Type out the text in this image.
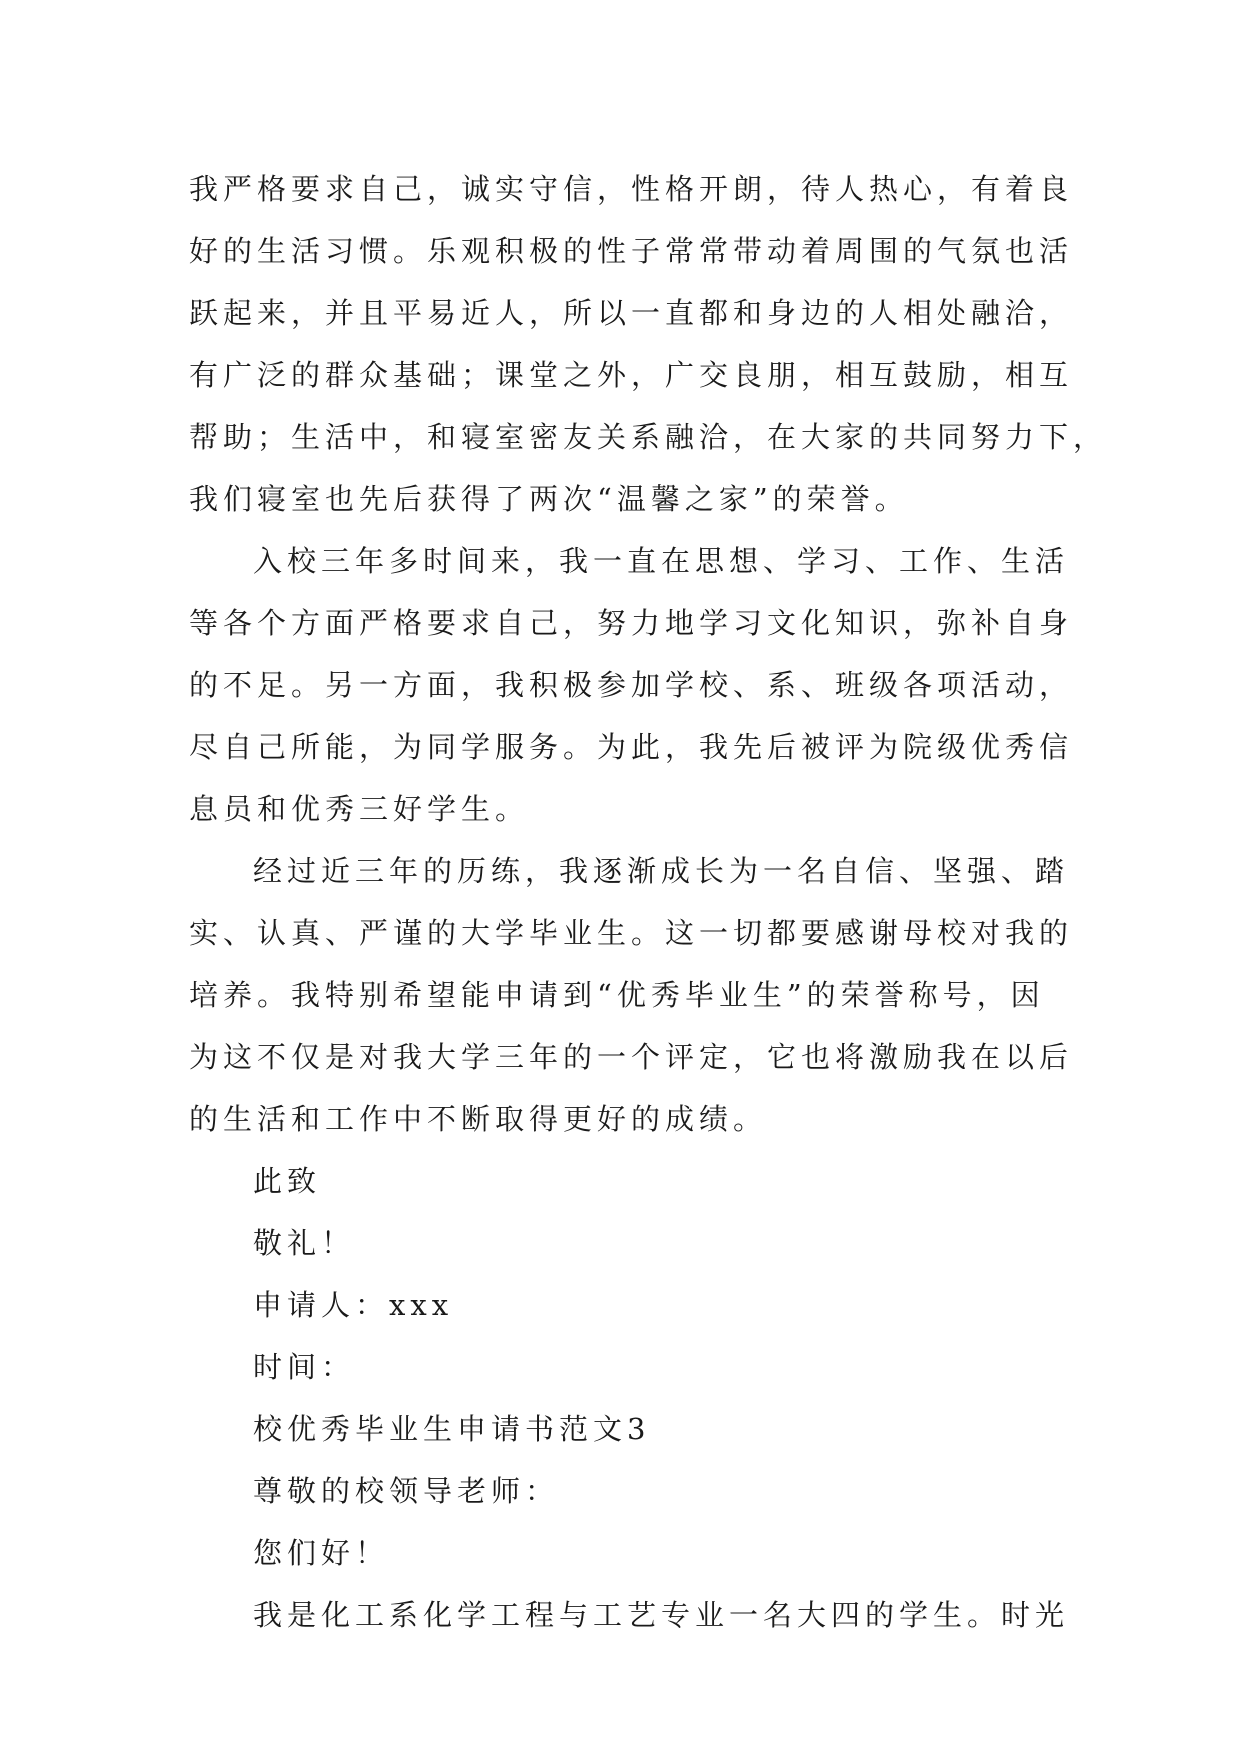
我严格要求自己，诚实守信，性格开朗，待人热心，有着良
好的生活习惯。乐观积极的性子常常带动着周围的气氛也活
跃起来，并且平易近人，所以一直都和身边的人相处融洽，
有广泛的群众基础；课堂之外，广交良朋，相互鼓励，相互
帮助；生活中，和寝室密友关系融洽，在大家的共同努力下，
我们寝室也先后获得了两次“温馨之家”的荣誉。
入校三年多时间来，我一直在思想、学习、工作、生活
等各个方面严格要求自己，努力地学习文化知识，弥补自身
的不足。另一方面，我积极参加学校、系、班级各项活动，
尽自己所能，为同学服务。为此，我先后被评为院级优秀信
息员和优秀三好学生。
经过近三年的历练，我逐渐成长为一名自信、坚强、踏
实、认真、严谨的大学毕业生。这一切都要感谢母校对我的
培养。我特别希望能申请到“优秀毕业生”的荣誉称号，因
为这不仅是对我大学三年的一个评定，它也将激励我在以后
的生活和工作中不断取得更好的成绩。
此致
敬礼！
申请人：xxx
时间：
校优秀毕业生申请书范文3
尊敬的校领导老师：
您们好！
我是化工系化学工程与工艺专业一名大四的学生。时光
